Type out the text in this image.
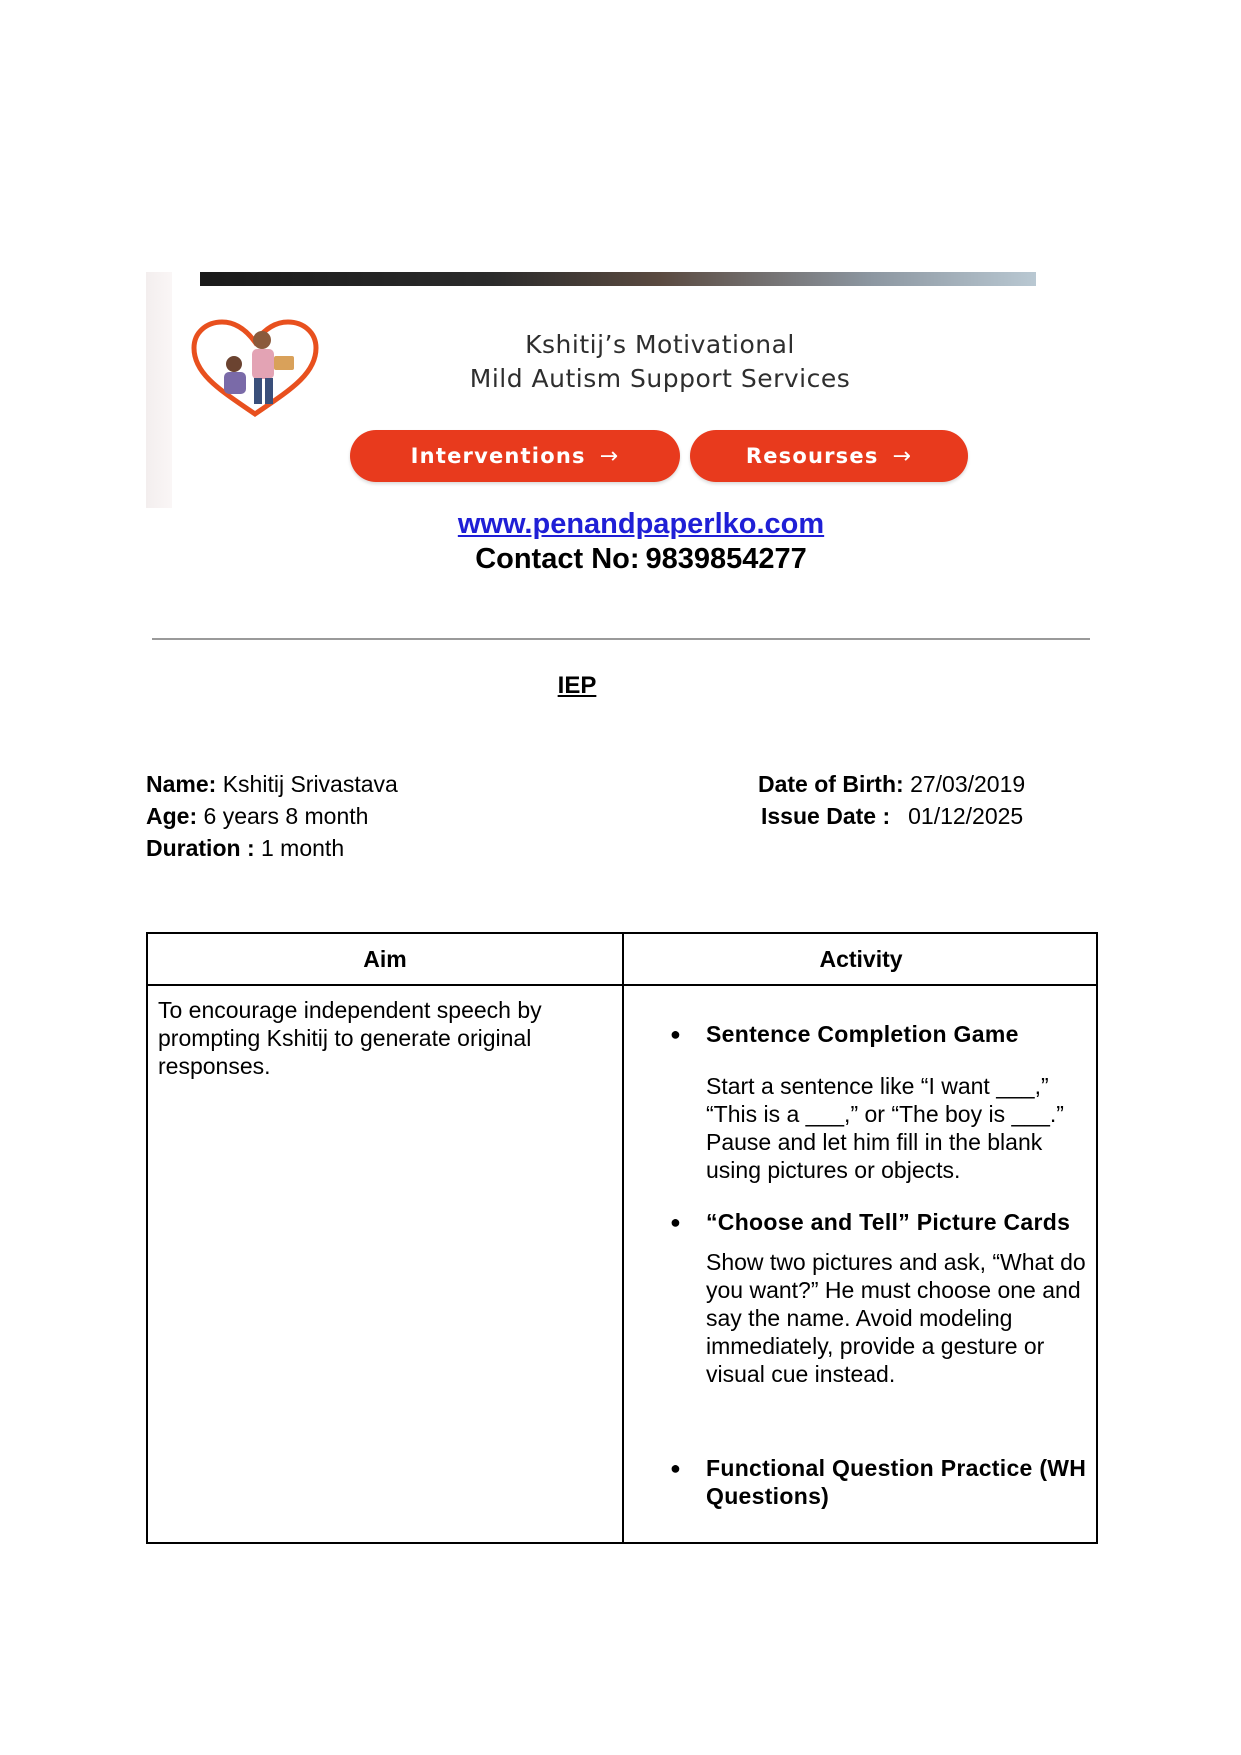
Kshitij’s Motivational
Mild Autism Support Services
Interventions →	Resourses →
www.penandpaperlko.com
Contact No: 9839854277
IEP
Name: Kshitij Srivastava
Age: 6 years 8 month
Duration : 1 month
Date of Birth: 27/03/2019
Issue Date : 01/12/2025
Aim	Activity
To encourage independent speech by prompting Kshitij to generate original responses.
● Sentence Completion Game
Start a sentence like “I want ___,” “This is a ___,” or “The boy is ___.” Pause and let him fill in the blank using pictures or objects.
● “Choose and Tell” Picture Cards
Show two pictures and ask, “What do you want?” He must choose one and say the name. Avoid modeling immediately, provide a gesture or visual cue instead.
● Functional Question Practice (WH Questions)
